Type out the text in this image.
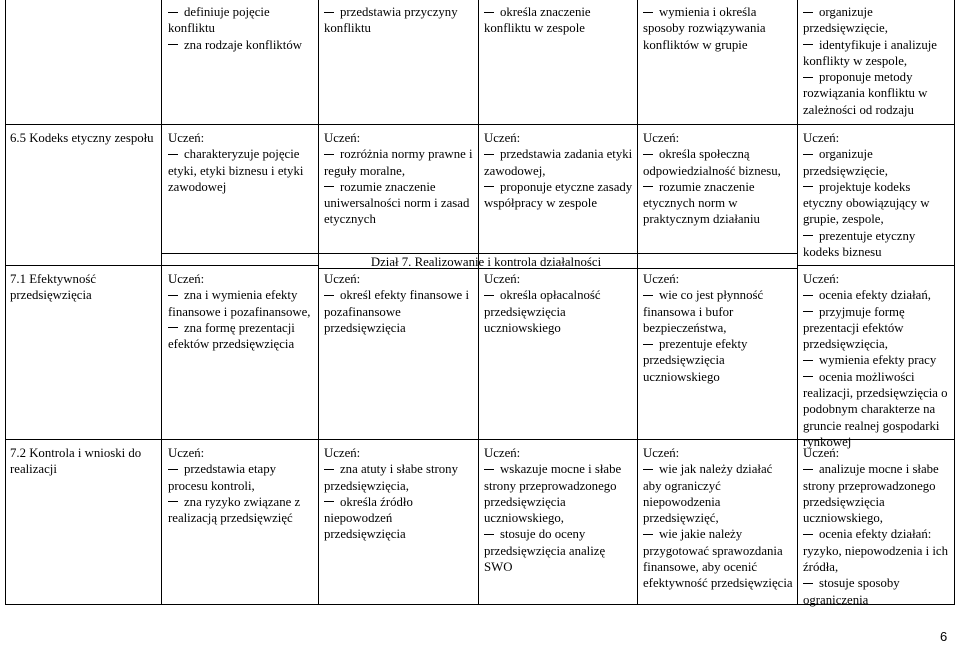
definiuje pojęcie konfliktu
zna rodzaje konfliktów
przedstawia przyczyny konfliktu
określa znaczenie konfliktu w zespole
wymienia i określa sposoby rozwiązywania konfliktów w grupie
organizuje przedsięwzięcie,
identyfikuje i analizuje konflikty w zespole,
proponuje metody rozwiązania konfliktu w zależności od rodzaju
6.5 Kodeks etyczny zespołu	Uczeń:
charakteryzuje pojęcie etyki, etyki biznesu i etyki zawodowej
Uczeń:
rozróżnia normy prawne i reguły moralne,
rozumie znaczenie uniwersalności norm i zasad etycznych
Uczeń:
przedstawia zadania etyki zawodowej,
proponuje etyczne zasady współpracy w zespole
Uczeń:
określa społeczną odpowiedzialność biznesu,
rozumie znaczenie etycznych norm w praktycznym działaniu
Uczeń:
organizuje przedsięwzięcie,
projektuje kodeks etyczny obowiązujący w grupie, zespole,
prezentuje etyczny kodeks biznesu
Dział 7. Realizowanie i kontrola działalności
7.1 Efektywność przedsięwzięcia
Uczeń:
zna i wymienia efekty finansowe i pozafinansowe,
zna formę prezentacji efektów przedsięwzięcia
Uczeń:
określ efekty finansowe i pozafinansowe przedsięwzięcia
Uczeń:
określa opłacalność przedsięwzięcia uczniowskiego
Uczeń:
wie co jest płynność finansowa i bufor bezpieczeństwa,
prezentuje efekty przedsięwzięcia uczniowskiego
Uczeń:
ocenia efekty działań,
przyjmuje formę prezentacji efektów przedsięwzięcia,
wymienia efekty pracy
ocenia możliwości realizacji, przedsięwzięcia o podobnym charakterze na gruncie realnej gospodarki rynkowej
7.2 Kontrola i wnioski do realizacji
Uczeń:
przedstawia etapy procesu kontroli,
zna ryzyko związane z realizacją przedsięwzięć
Uczeń:
zna atuty i słabe strony przedsięwzięcia,
określa źródło niepowodzeń przedsięwzięcia
Uczeń:
wskazuje mocne i słabe strony przeprowadzonego przedsięwzięcia uczniowskiego,
stosuje do oceny przedsięwzięcia analizę SWO
Uczeń:
wie jak należy działać aby ograniczyć niepowodzenia przedsięwzięć,
wie jakie należy przygotować sprawozdania finansowe, aby ocenić efektywność przedsięwzięcia
Uczeń:
analizuje mocne i słabe strony przeprowadzonego przedsięwzięcia uczniowskiego,
ocenia efekty działań: ryzyko, niepowodzenia i ich źródła,
stosuje sposoby ograniczenia
6
